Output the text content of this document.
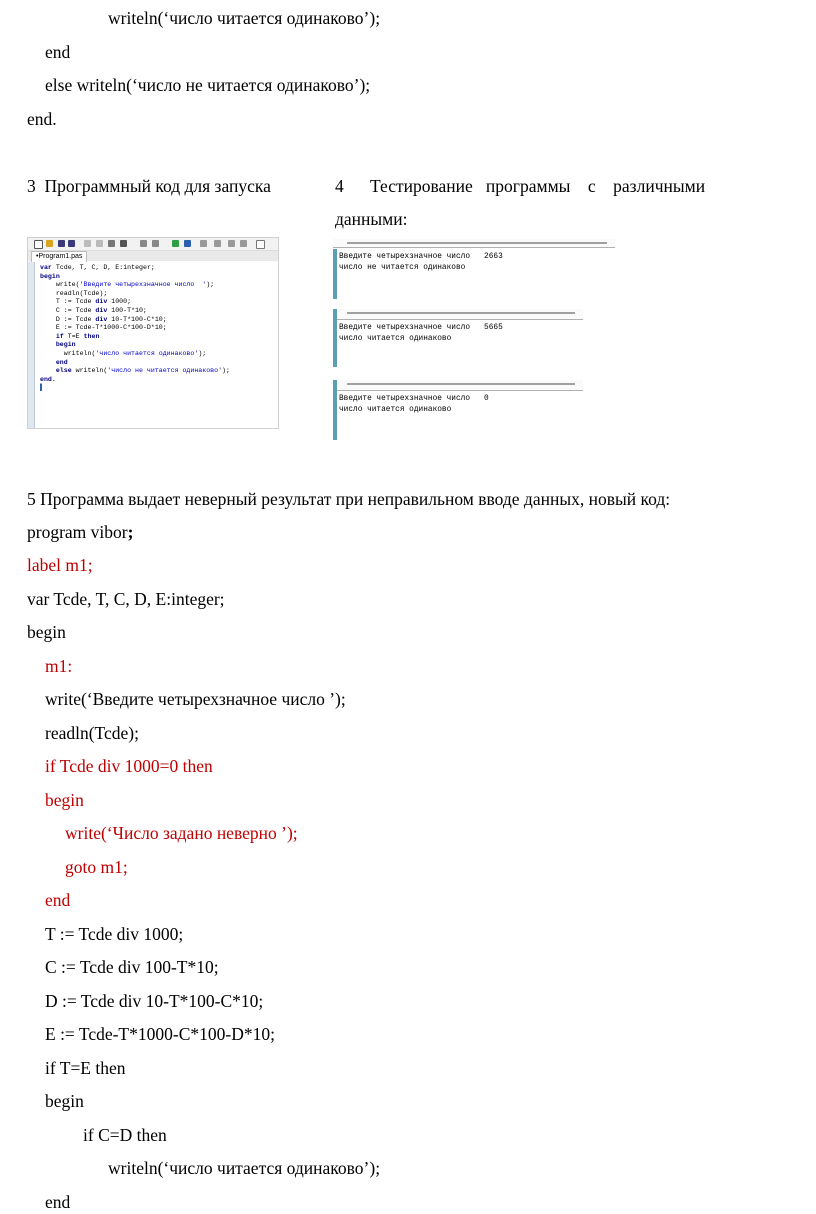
writeln(‘число читается одинаково’);
end
else writeln(‘число не читается одинаково’);
end.
3  Программный код для запуска	4      Тестирование   программы    с    различными
данными:
•Program1.pas
var Tcde, T, C, D, E:integer;
begin
write('Введите четырехзначное число  ');
readln(Tcde);
T := Tcde div 1000;
C := Tcde div 100-T*10;
D := Tcde div 10-T*100-C*10;
E := Tcde-T*1000-C*100-D*10;
if T=E then
begin
writeln('число читается одинаково');
end
else writeln('число не читается одинаково');
end.
▌
Введите четырехзначное число   2663
число не читается одинаково
Введите четырехзначное число   5665
число читается одинаково
Введите четырехзначное число   0
число читается одинаково
5 Программа выдает неверный результат при неправильном вводе данных, новый код:
program vibor;
label m1;
var Tcde, T, C, D, E:integer;
begin
m1:
write(‘Введите четырехзначное число ’);
readln(Tcde);
if Tcde div 1000=0 then
begin
write(‘Число задано неверно ’);
goto m1;
end
T := Tcde div 1000;
C := Tcde div 100-T*10;
D := Tcde div 10-T*100-C*10;
E := Tcde-T*1000-C*100-D*10;
if T=E then
begin
if C=D then
writeln(‘число читается одинаково’);
end
